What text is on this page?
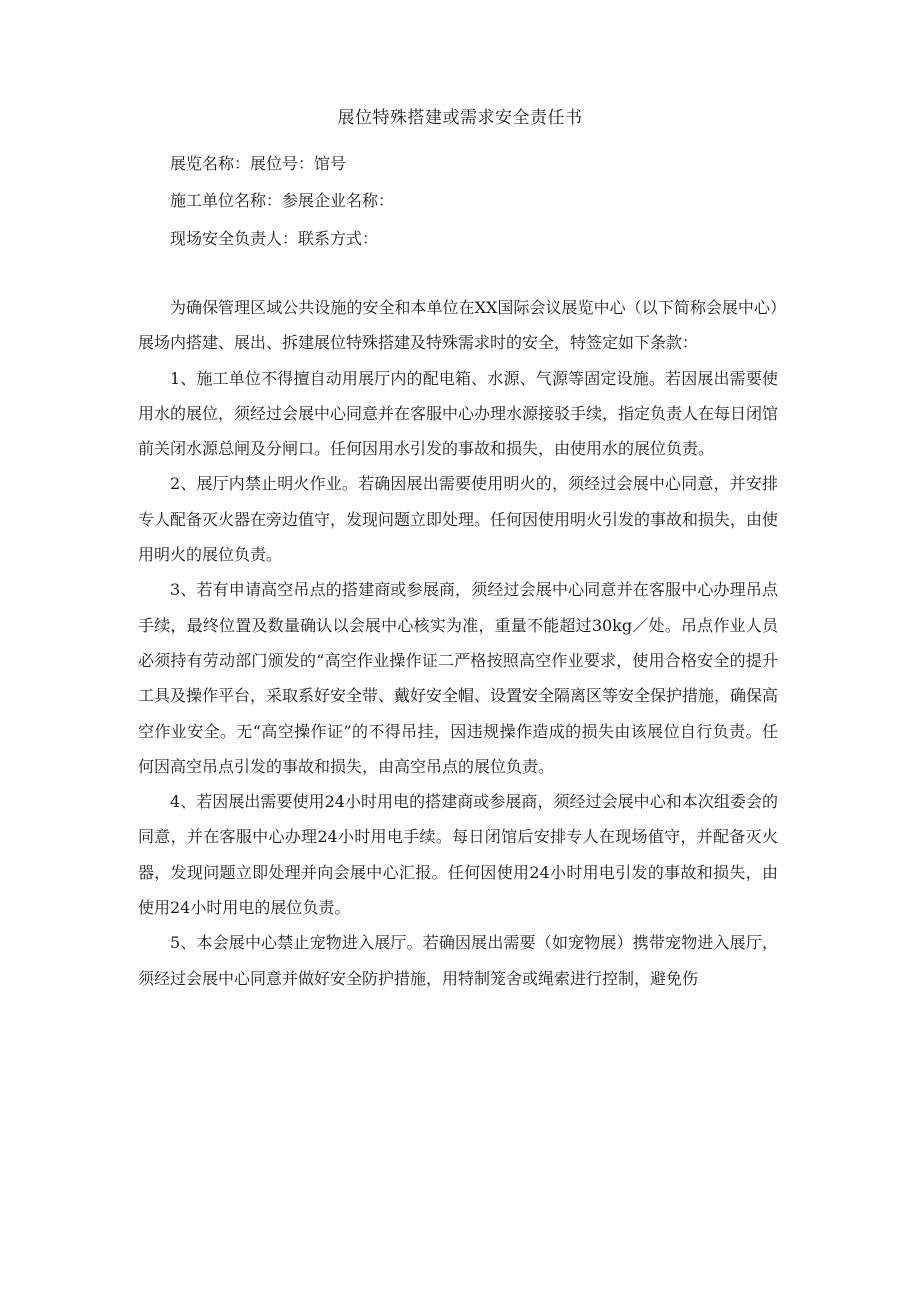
展位特殊搭建或需求安全责任书

展览名称：展位号：馆号

施工单位名称：参展企业名称：

现场安全负责人：联系方式：

为确保管理区域公共设施的安全和本单位在XX国际会议展览中心（以下简称会展中心）展场内搭建、展出、拆建展位特殊搭建及特殊需求时的安全，特签定如下条款：

1、施工单位不得擅自动用展厅内的配电箱、水源、气源等固定设施。若因展出需要使用水的展位，须经过会展中心同意并在客服中心办理水源接驳手续，指定负责人在每日闭馆前关闭水源总闸及分闸口。任何因用水引发的事故和损失，由使用水的展位负责。

2、展厅内禁止明火作业。若确因展出需要使用明火的，须经过会展中心同意，并安排专人配备灭火器在旁边值守，发现问题立即处理。任何因使用明火引发的事故和损失，由使用明火的展位负责。

3、若有申请高空吊点的搭建商或参展商，须经过会展中心同意并在客服中心办理吊点手续，最终位置及数量确认以会展中心核实为准，重量不能超过30kg／处。吊点作业人员必须持有劳动部门颁发的“高空作业操作证二严格按照高空作业要求，使用合格安全的提升工具及操作平台，采取系好安全带、戴好安全帽、设置安全隔离区等安全保护措施，确保高空作业安全。无“高空操作证”的不得吊挂，因违规操作造成的损失由该展位自行负责。任何因高空吊点引发的事故和损失，由高空吊点的展位负责。

4、若因展出需要使用24小时用电的搭建商或参展商，须经过会展中心和本次组委会的同意，并在客服中心办理24小时用电手续。每日闭馆后安排专人在现场值守，并配备灭火器，发现问题立即处理并向会展中心汇报。任何因使用24小时用电引发的事故和损失，由使用24小时用电的展位负责。

5、本会展中心禁止宠物进入展厅。若确因展出需要（如宠物展）携带宠物进入展厅，须经过会展中心同意并做好安全防护措施，用特制笼舍或绳索进行控制，避免伤
